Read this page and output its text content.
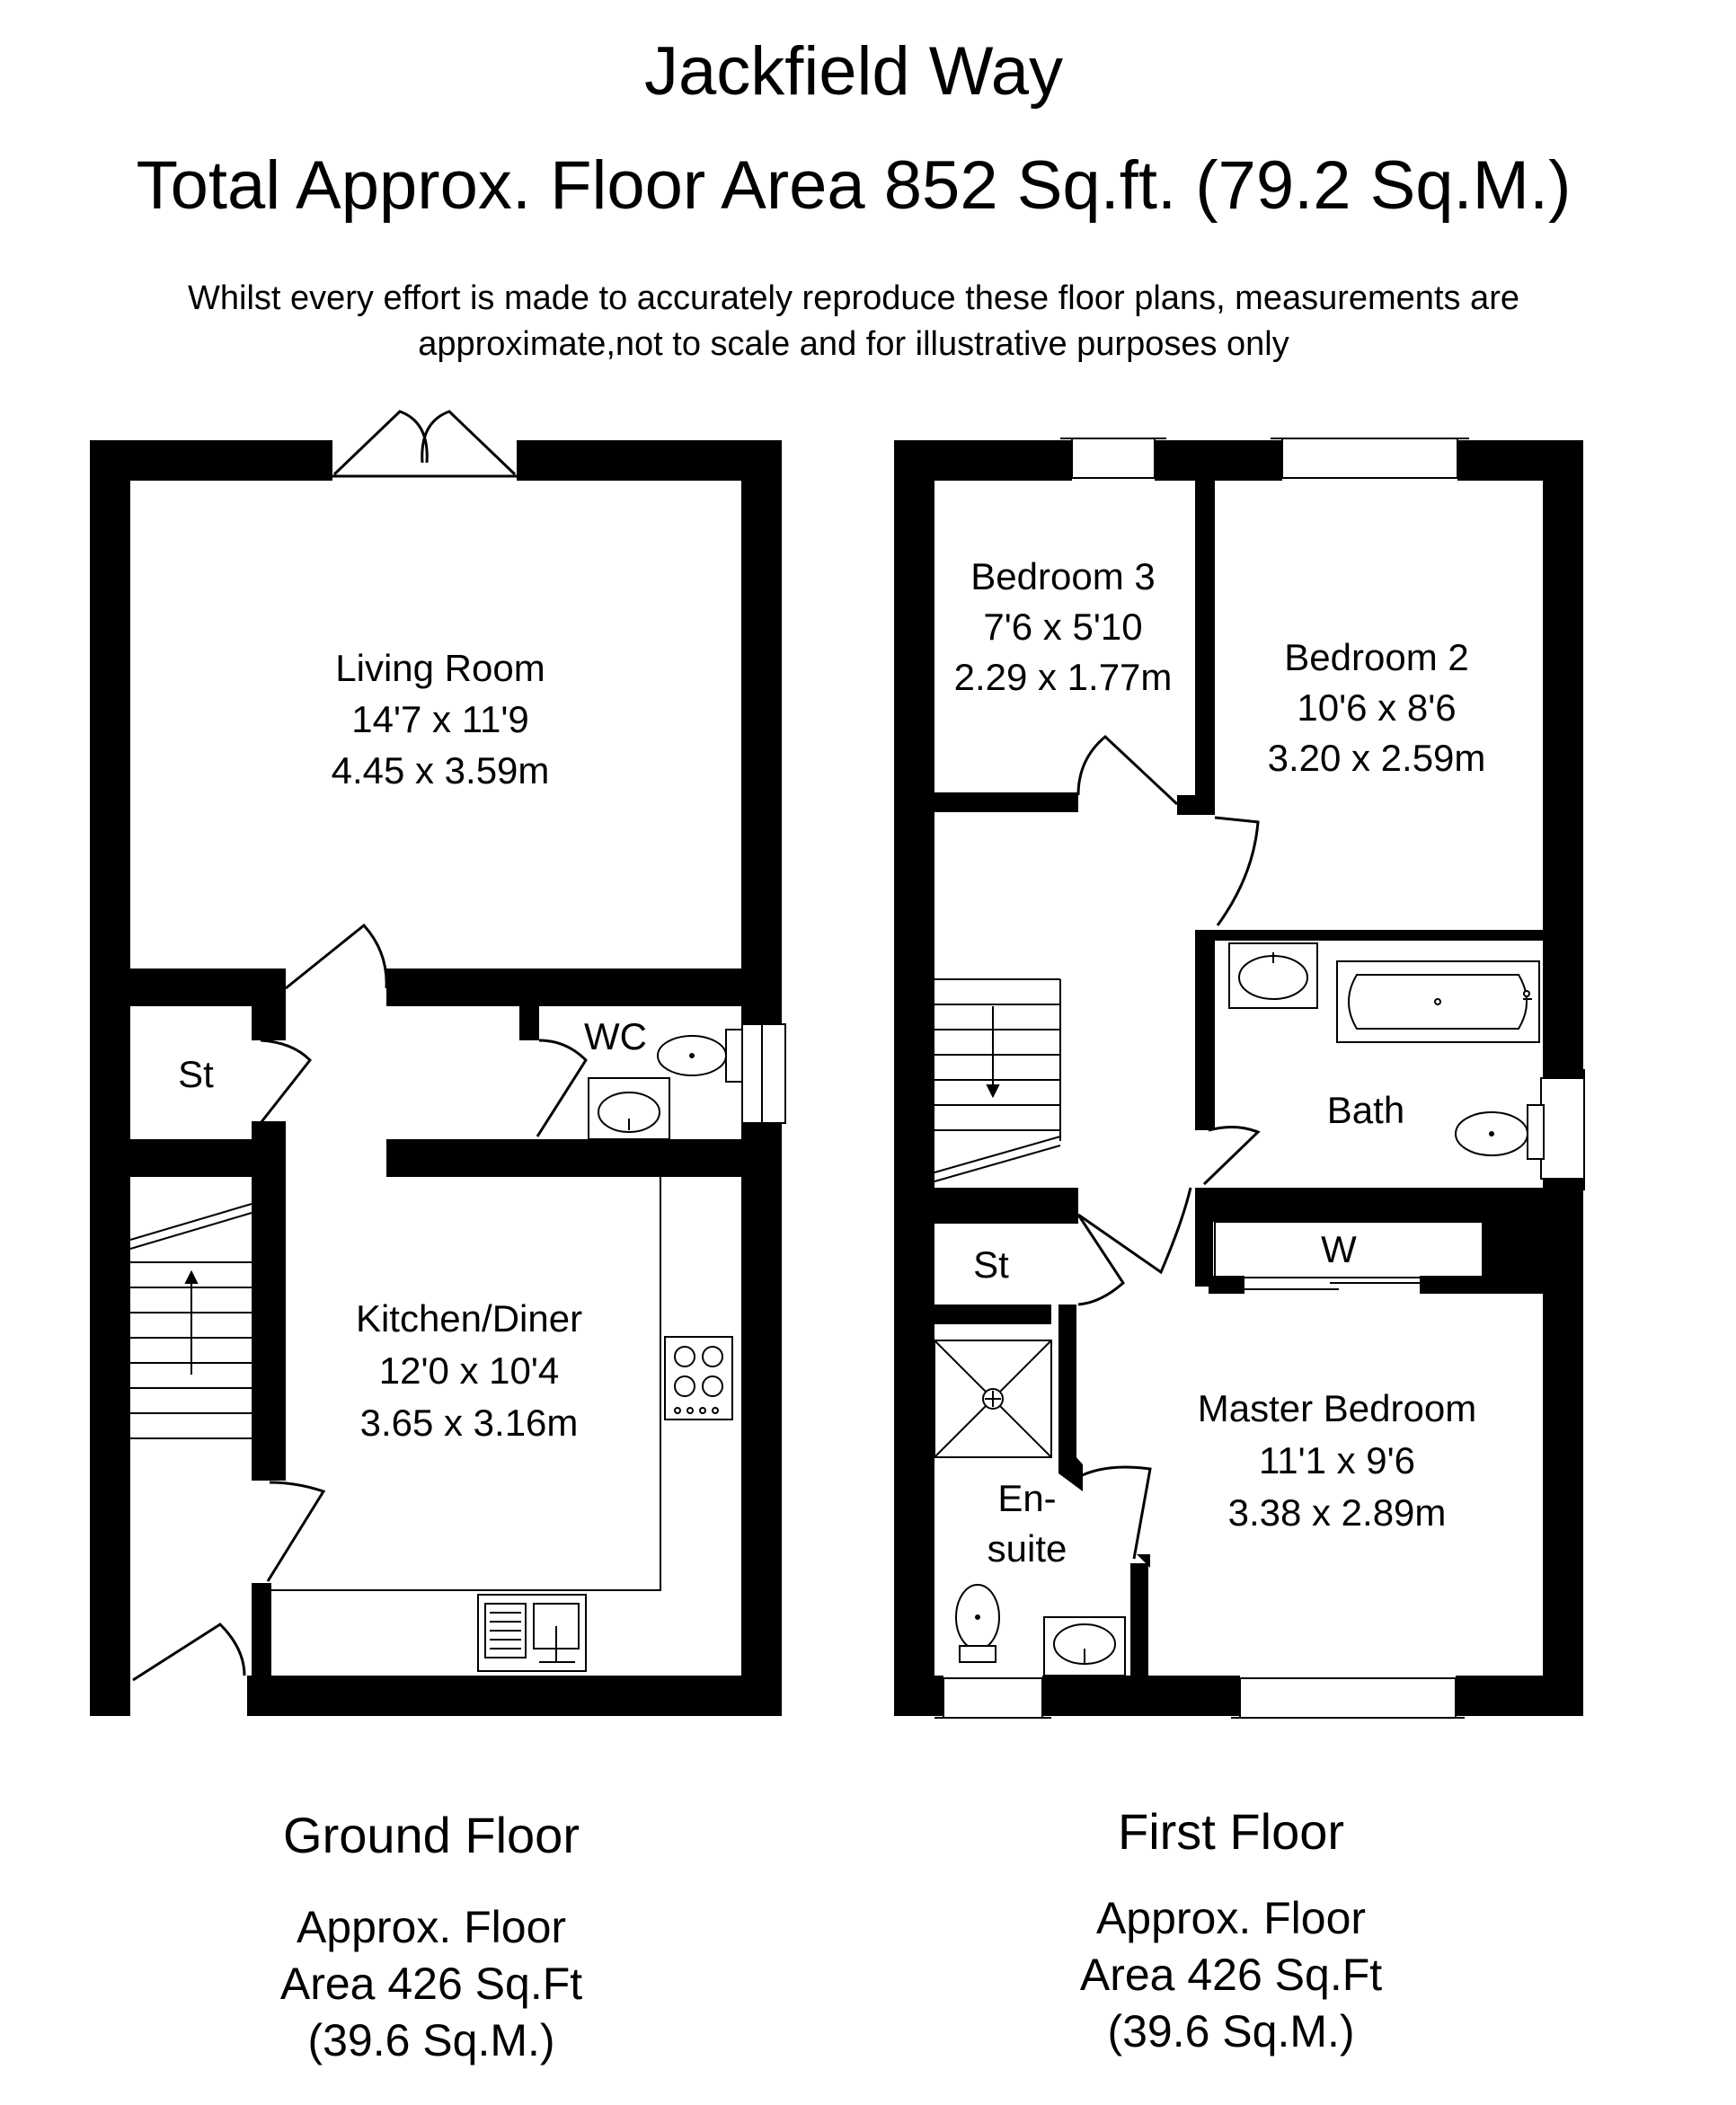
Jackfield Way
Total Approx. Floor Area 852 Sq.ft. (79.2 Sq.M.)
Whilst every effort is made to accurately reproduce these floor plans, measurements are
approximate,not to scale and for illustrative purposes only
Living Room
14'7 x 11'9
4.45 x 3.59m
St
WC
Kitchen/Diner
12'0 x 10'4
3.65 x 3.16m
Bedroom 3
7'6 x 5'10
2.29 x 1.77m	Bedroom 2
10'6 x 8'6
3.20 x 2.59m
Bath
St	W
En-
suite
Master Bedroom
11'1 x 9'6
3.38 x 2.89m
Ground Floor
Approx. Floor
Area 426 Sq.Ft
(39.6 Sq.M.)
First Floor
Approx. Floor
Area 426 Sq.Ft
(39.6 Sq.M.)
